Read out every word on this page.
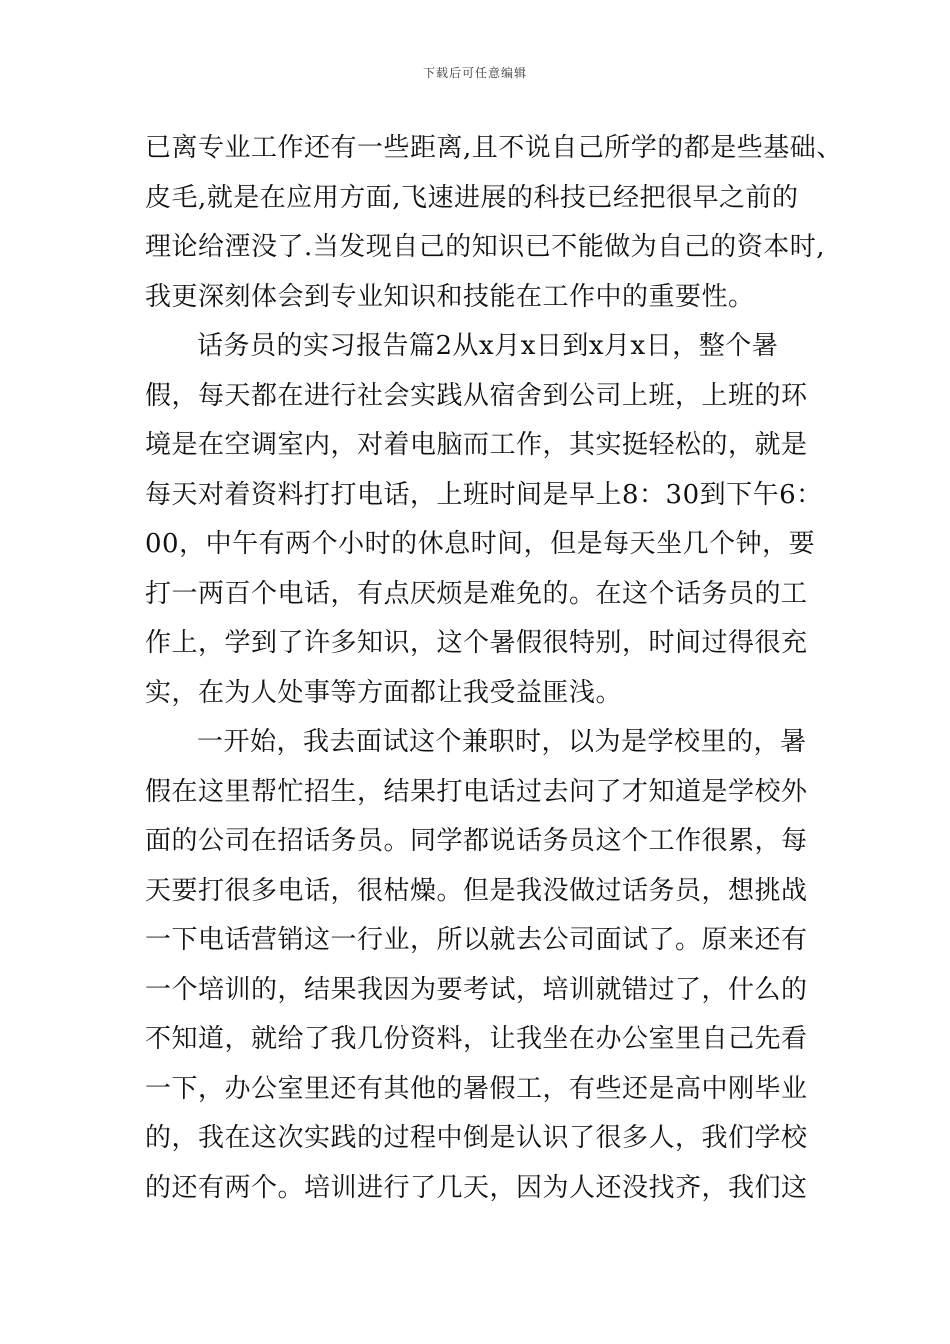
下载后可任意编辑
已离专业工作还有一些距离,且不说自己所学的都是些基础、
皮毛,就是在应用方面,飞速进展的科技已经把很早之前的
理论给湮没了.当发现自己的知识已不能做为自己的资本时,
我更深刻体会到专业知识和技能在工作中的重要性。
话务员的实习报告篇2从x月x日到x月x日，整个暑
假，每天都在进行社会实践从宿舍到公司上班，上班的环
境是在空调室内，对着电脑而工作，其实挺轻松的，就是
每天对着资料打打电话，上班时间是早上8：30到下午6：
00，中午有两个小时的休息时间，但是每天坐几个钟，要
打一两百个电话，有点厌烦是难免的。在这个话务员的工
作上，学到了许多知识，这个暑假很特别，时间过得很充
实，在为人处事等方面都让我受益匪浅。
一开始，我去面试这个兼职时，以为是学校里的，暑
假在这里帮忙招生，结果打电话过去问了才知道是学校外
面的公司在招话务员。同学都说话务员这个工作很累，每
天要打很多电话，很枯燥。但是我没做过话务员，想挑战
一下电话营销这一行业，所以就去公司面试了。原来还有
一个培训的，结果我因为要考试，培训就错过了，什么的
不知道，就给了我几份资料，让我坐在办公室里自己先看
一下，办公室里还有其他的暑假工，有些还是高中刚毕业
的，我在这次实践的过程中倒是认识了很多人，我们学校
的还有两个。培训进行了几天，因为人还没找齐，我们这
